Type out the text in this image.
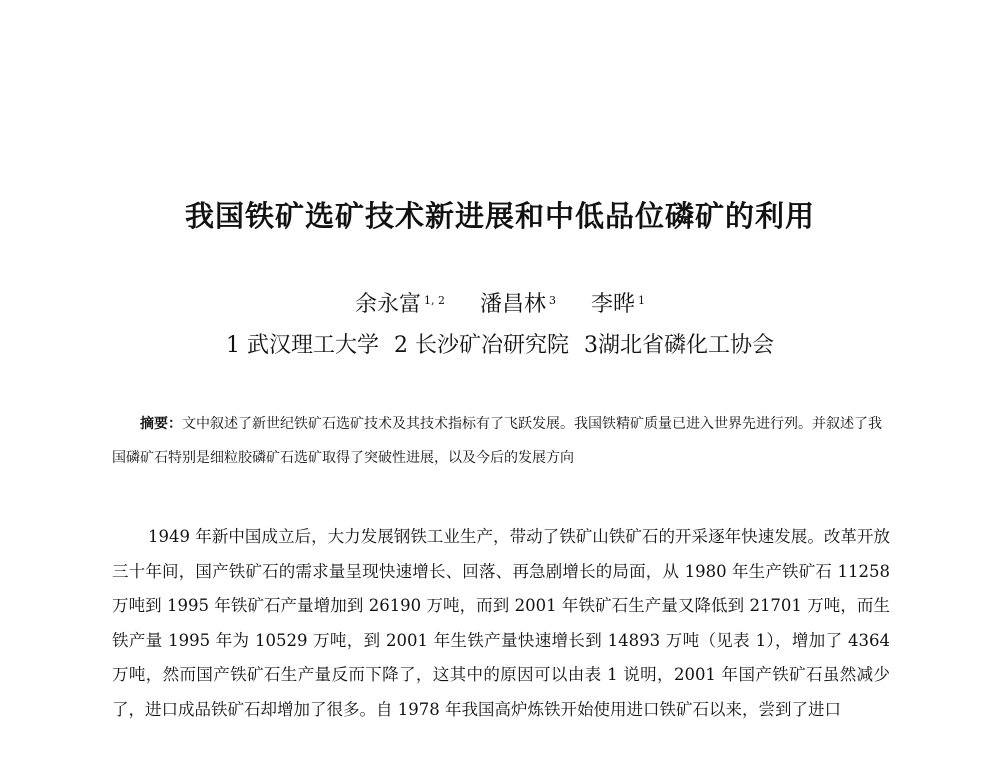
我国铁矿选矿技术新进展和中低品位磷矿的利用
余永富 $^{1, 2}$ 潘昌林 $^3$ 李晔 $^1$
1 武汉理工大学 2 长沙矿冶研究院 3湖北省磷化工协会
摘要：文中叙述了新世纪铁矿石选矿技术及其技术指标有了飞跃发展。我国铁精矿质量已进入世界先进行列。并叙述了我国磷矿石特别是细粒胶磷矿石选矿取得了突破性进展，以及今后的发展方向
1949 年新中国成立后，大力发展钢铁工业生产，带动了铁矿山铁矿石的开采逐年快速发展。改革开放三十年间，国产铁矿石的需求量呈现快速增长、回落、再急剧增长的局面，从 1980 年生产铁矿石 11258 万吨到 1995 年铁矿石产量增加到 26190 万吨，而到 2001 年铁矿石生产量又降低到 21701 万吨，而生铁产量 1995 年为 10529 万吨，到 2001 年生铁产量快速增长到 14893 万吨（见表 1），增加了 4364 万吨，然而国产铁矿石生产量反而下降了，这其中的原因可以由表 1 说明，2001 年国产铁矿石虽然减少了，进口成品铁矿石却增加了很多。自 1978 年我国高炉炼铁开始使用进口铁矿石以来，尝到了进口
